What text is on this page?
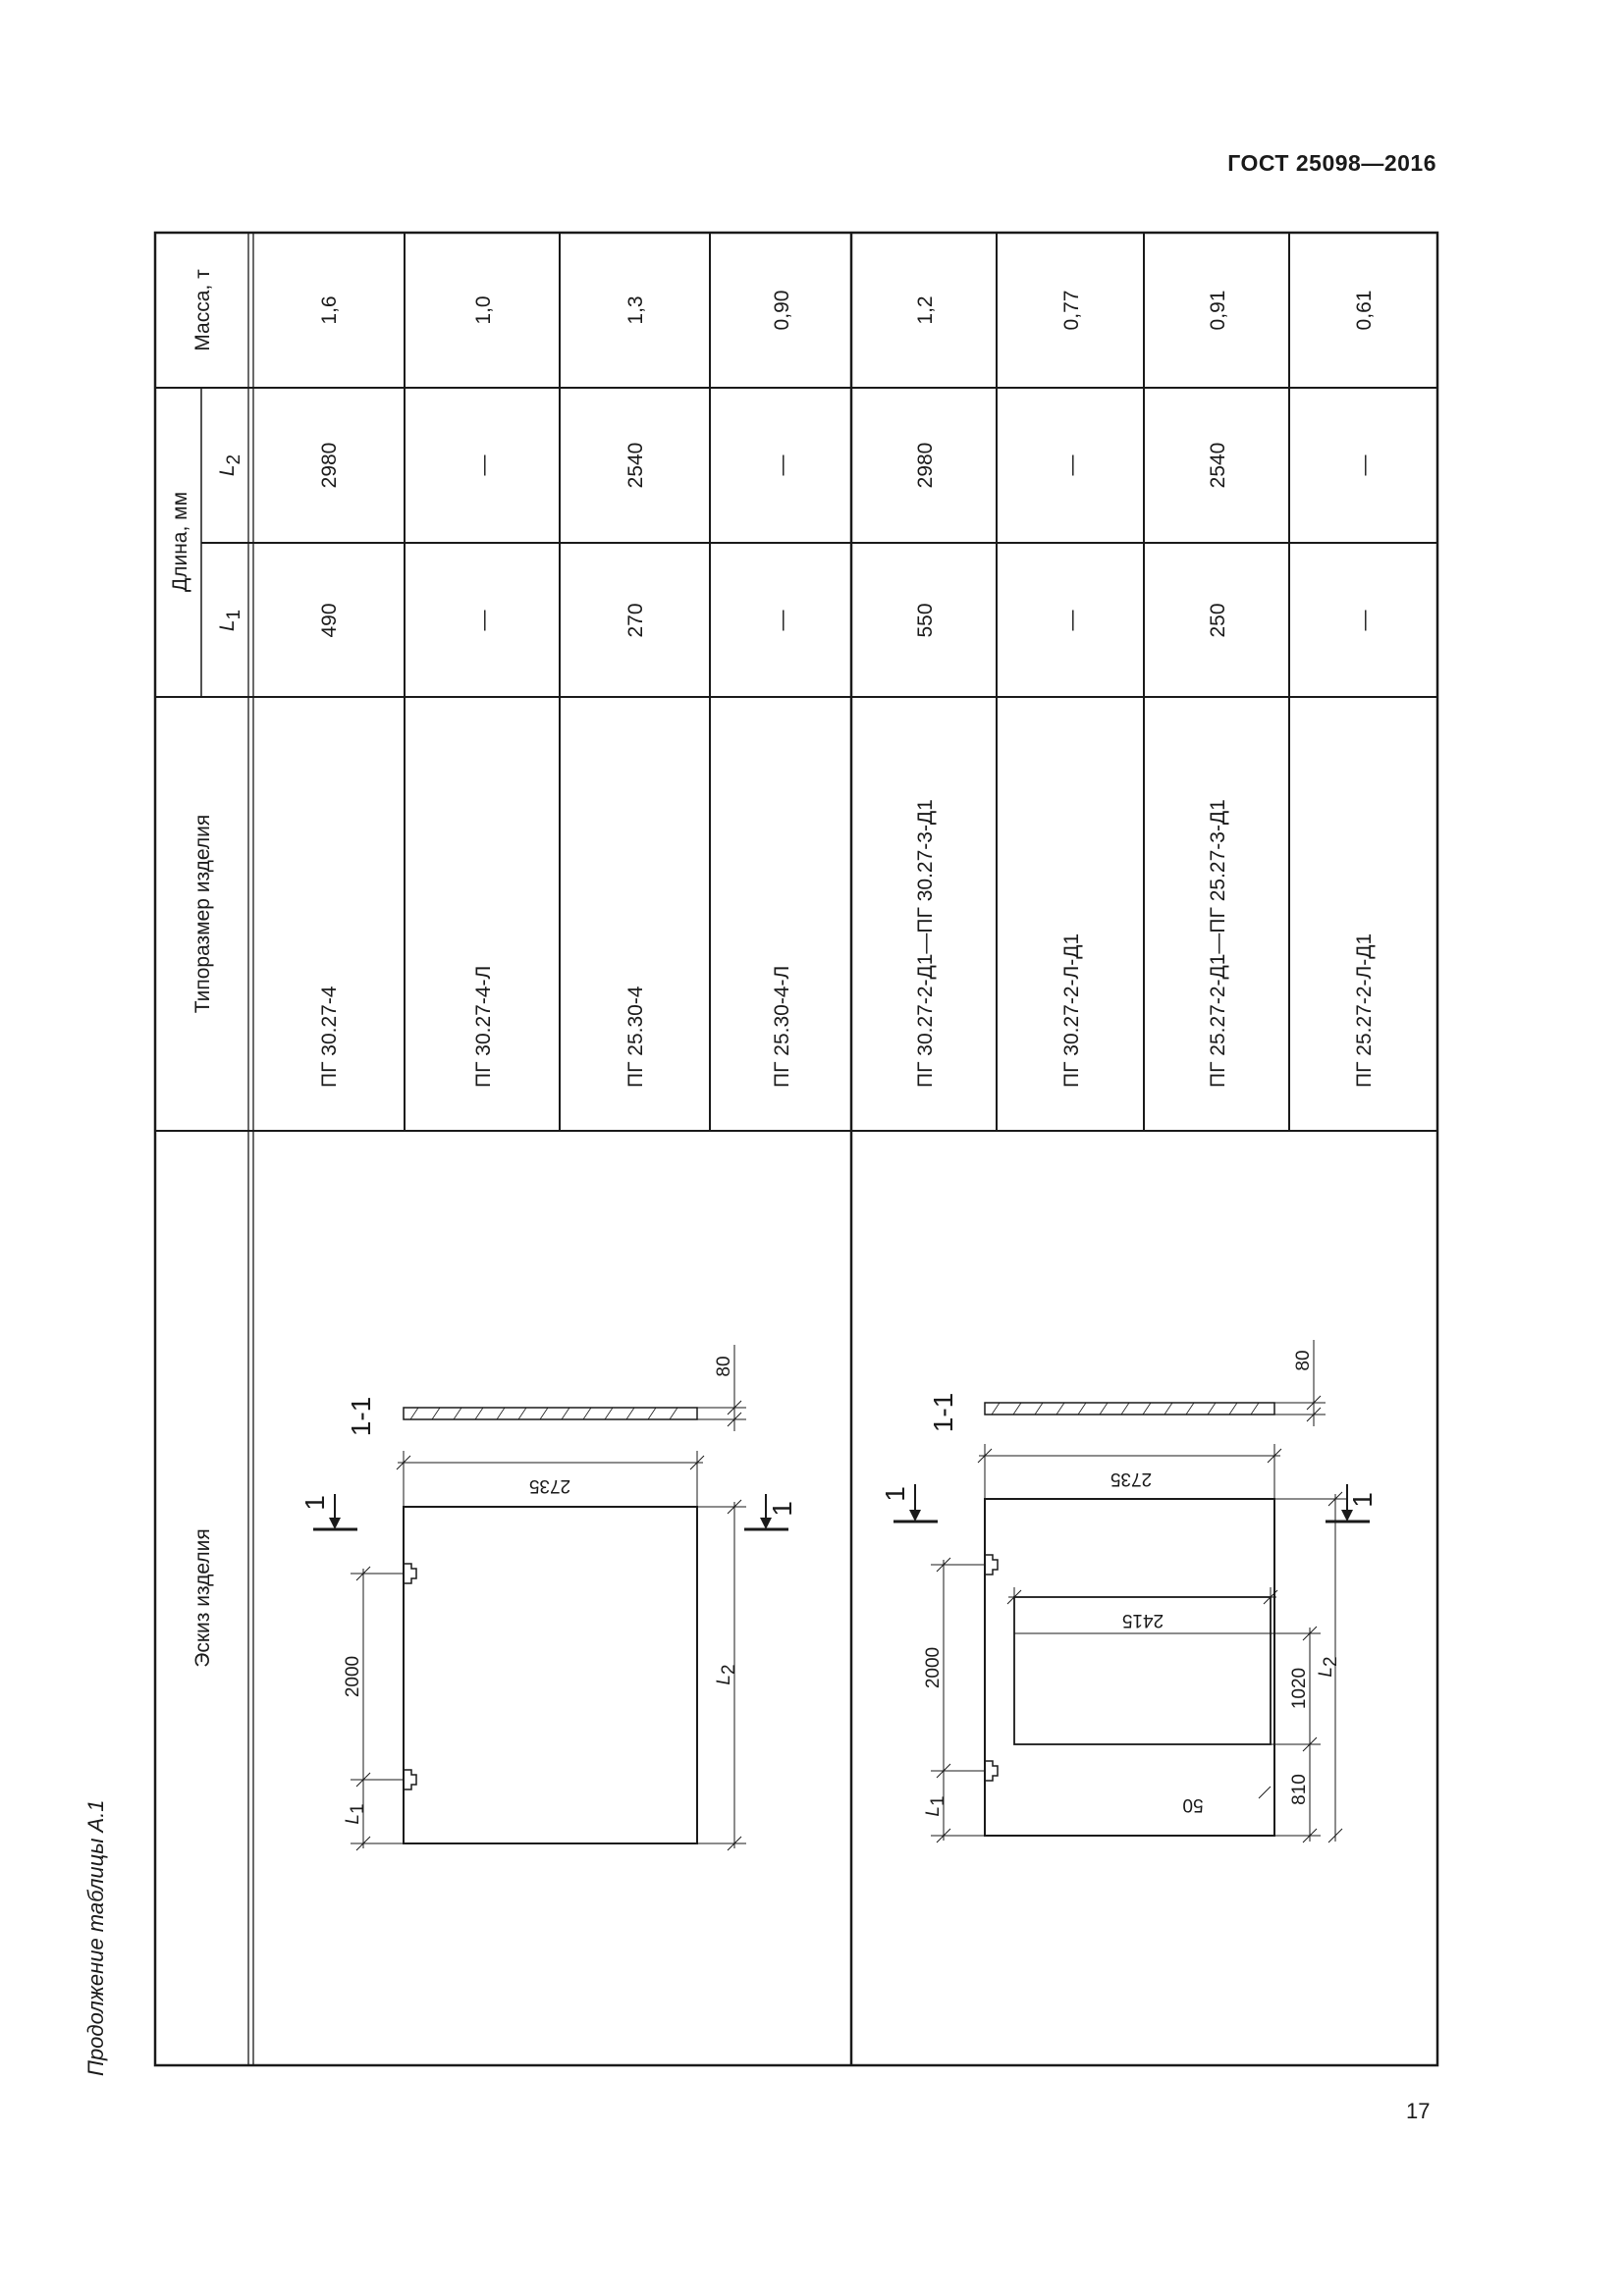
ГОСТ 25098—2016
Продолжение таблицы А.1
17
Эскиз изделия
Типоразмер изделия
Длина, мм
L1
L2
Масса, т
ПГ 30.27-4
490
2980
1,6
ПГ 30.27-4-Л
—
—
1,0
ПГ 25.30-4
270
2540
1,3
ПГ 25.30-4-Л
—
—
0,90
ПГ 30.27-2-Д1—ПГ 30.27-3-Д1
550
2980
1,2
ПГ 30.27-2-Л-Д1
—
—
0,77
ПГ 25.27-2-Д1—ПГ 25.27-3-Д1
250
2540
0,91
ПГ 25.27-2-Л-Д1
—
—
0,61
2735
80
1-1
1	1
2000
L1
L2
2415
2735
80
1-1
1	1
2000
L1
1020
810
L2
50
